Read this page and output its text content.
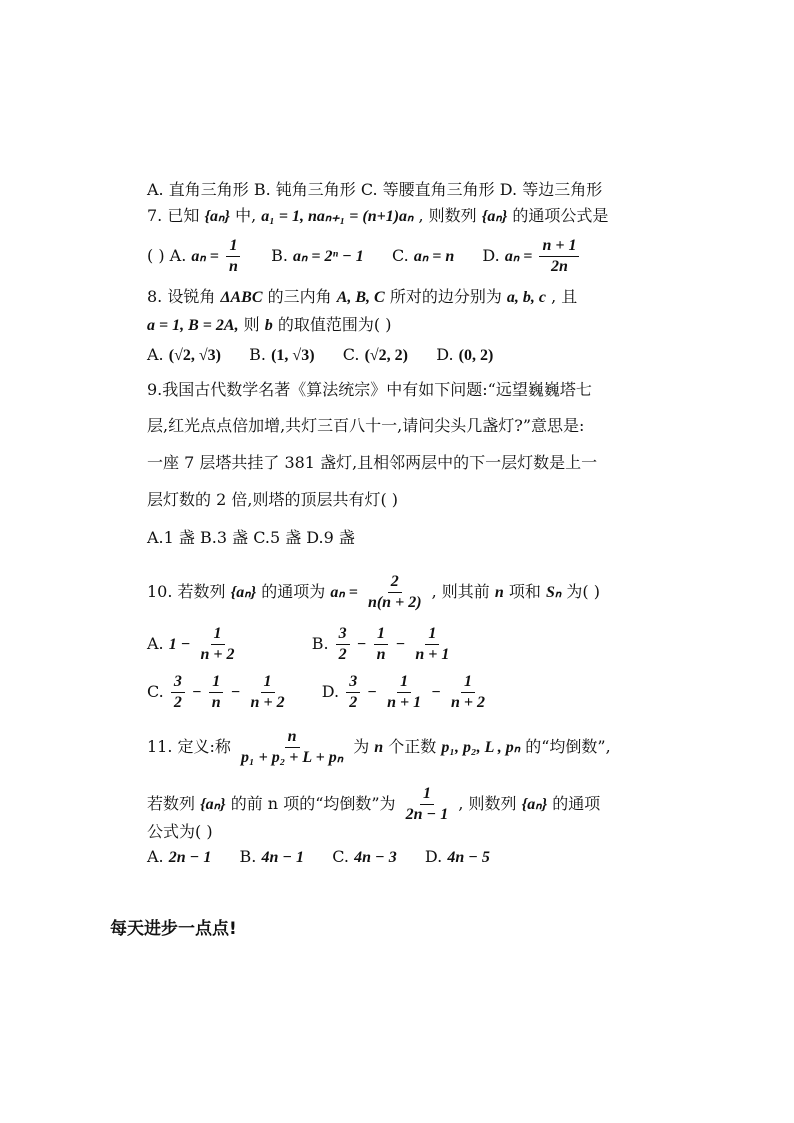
A. 直角三角形 B. 钝角三角形 C. 等腰直角三角形 D. 等边三角形
7. 已知 {aₙ} 中, a₁ = 1, naₙ₊₁ = (n+1)aₙ , 则数列 {aₙ} 的通项公式是
( ) A. $a_n = \frac{1}{n} B$. aₙ = 2ⁿ − 1 C. aₙ = n D. $a_n = \frac{n + 1}{2n}$
8. 设锐角 ΔABC 的三内角 A, B, C 所对的边分别为 a, b, c , 且
a = 1, B = 2A, 则 b 的取值范围为( )
A. (√2, √3) B. (1, √3) C. (√2, 2) D. (0, 2)
9.我国古代数学名著《算法统宗》中有如下问题:“远望巍巍塔七
层,红光点点倍加增,共灯三百八十一,请问尖头几盏灯?”意思是:
一座 7 层塔共挂了 381 盏灯,且相邻两层中的下一层灯数是上一
层灯数的 2 倍,则塔的顶层共有灯( )
A.1 盏 B.3 盏 C.5 盏 D.9 盏
10. 若数列 {aₙ} 的通项为 $a_n = \frac{2}{n(n + 2)}$ , 则其前 n 项和 Sₙ 为( )
A. $1 - \frac{1}{n + 2}$	B. $\frac{3}{2} - \frac{1}{n} - \frac{1}{n + 1}$
C. $\frac{3}{2} - \frac{1}{n} - \frac{1}{n + 2} D$. $\frac{3}{2} - \frac{1}{n + 1} - \frac{1}{n + 2}$
11. 定义:称 $\frac{n}{\text{p₁ + p₂ + L + pₙ}}$ 为 n 个正数 p₁, p₂, L , pₙ 的“均倒数”,
若数列 {aₙ} 的前 n 项的“均倒数”为 $\frac{1}{2n - 1}$ , 则数列 {aₙ} 的通项
公式为( )
A. 2n − 1 B. 4n − 1 C. 4n − 3 D. 4n − 5
每天进步一点点!
